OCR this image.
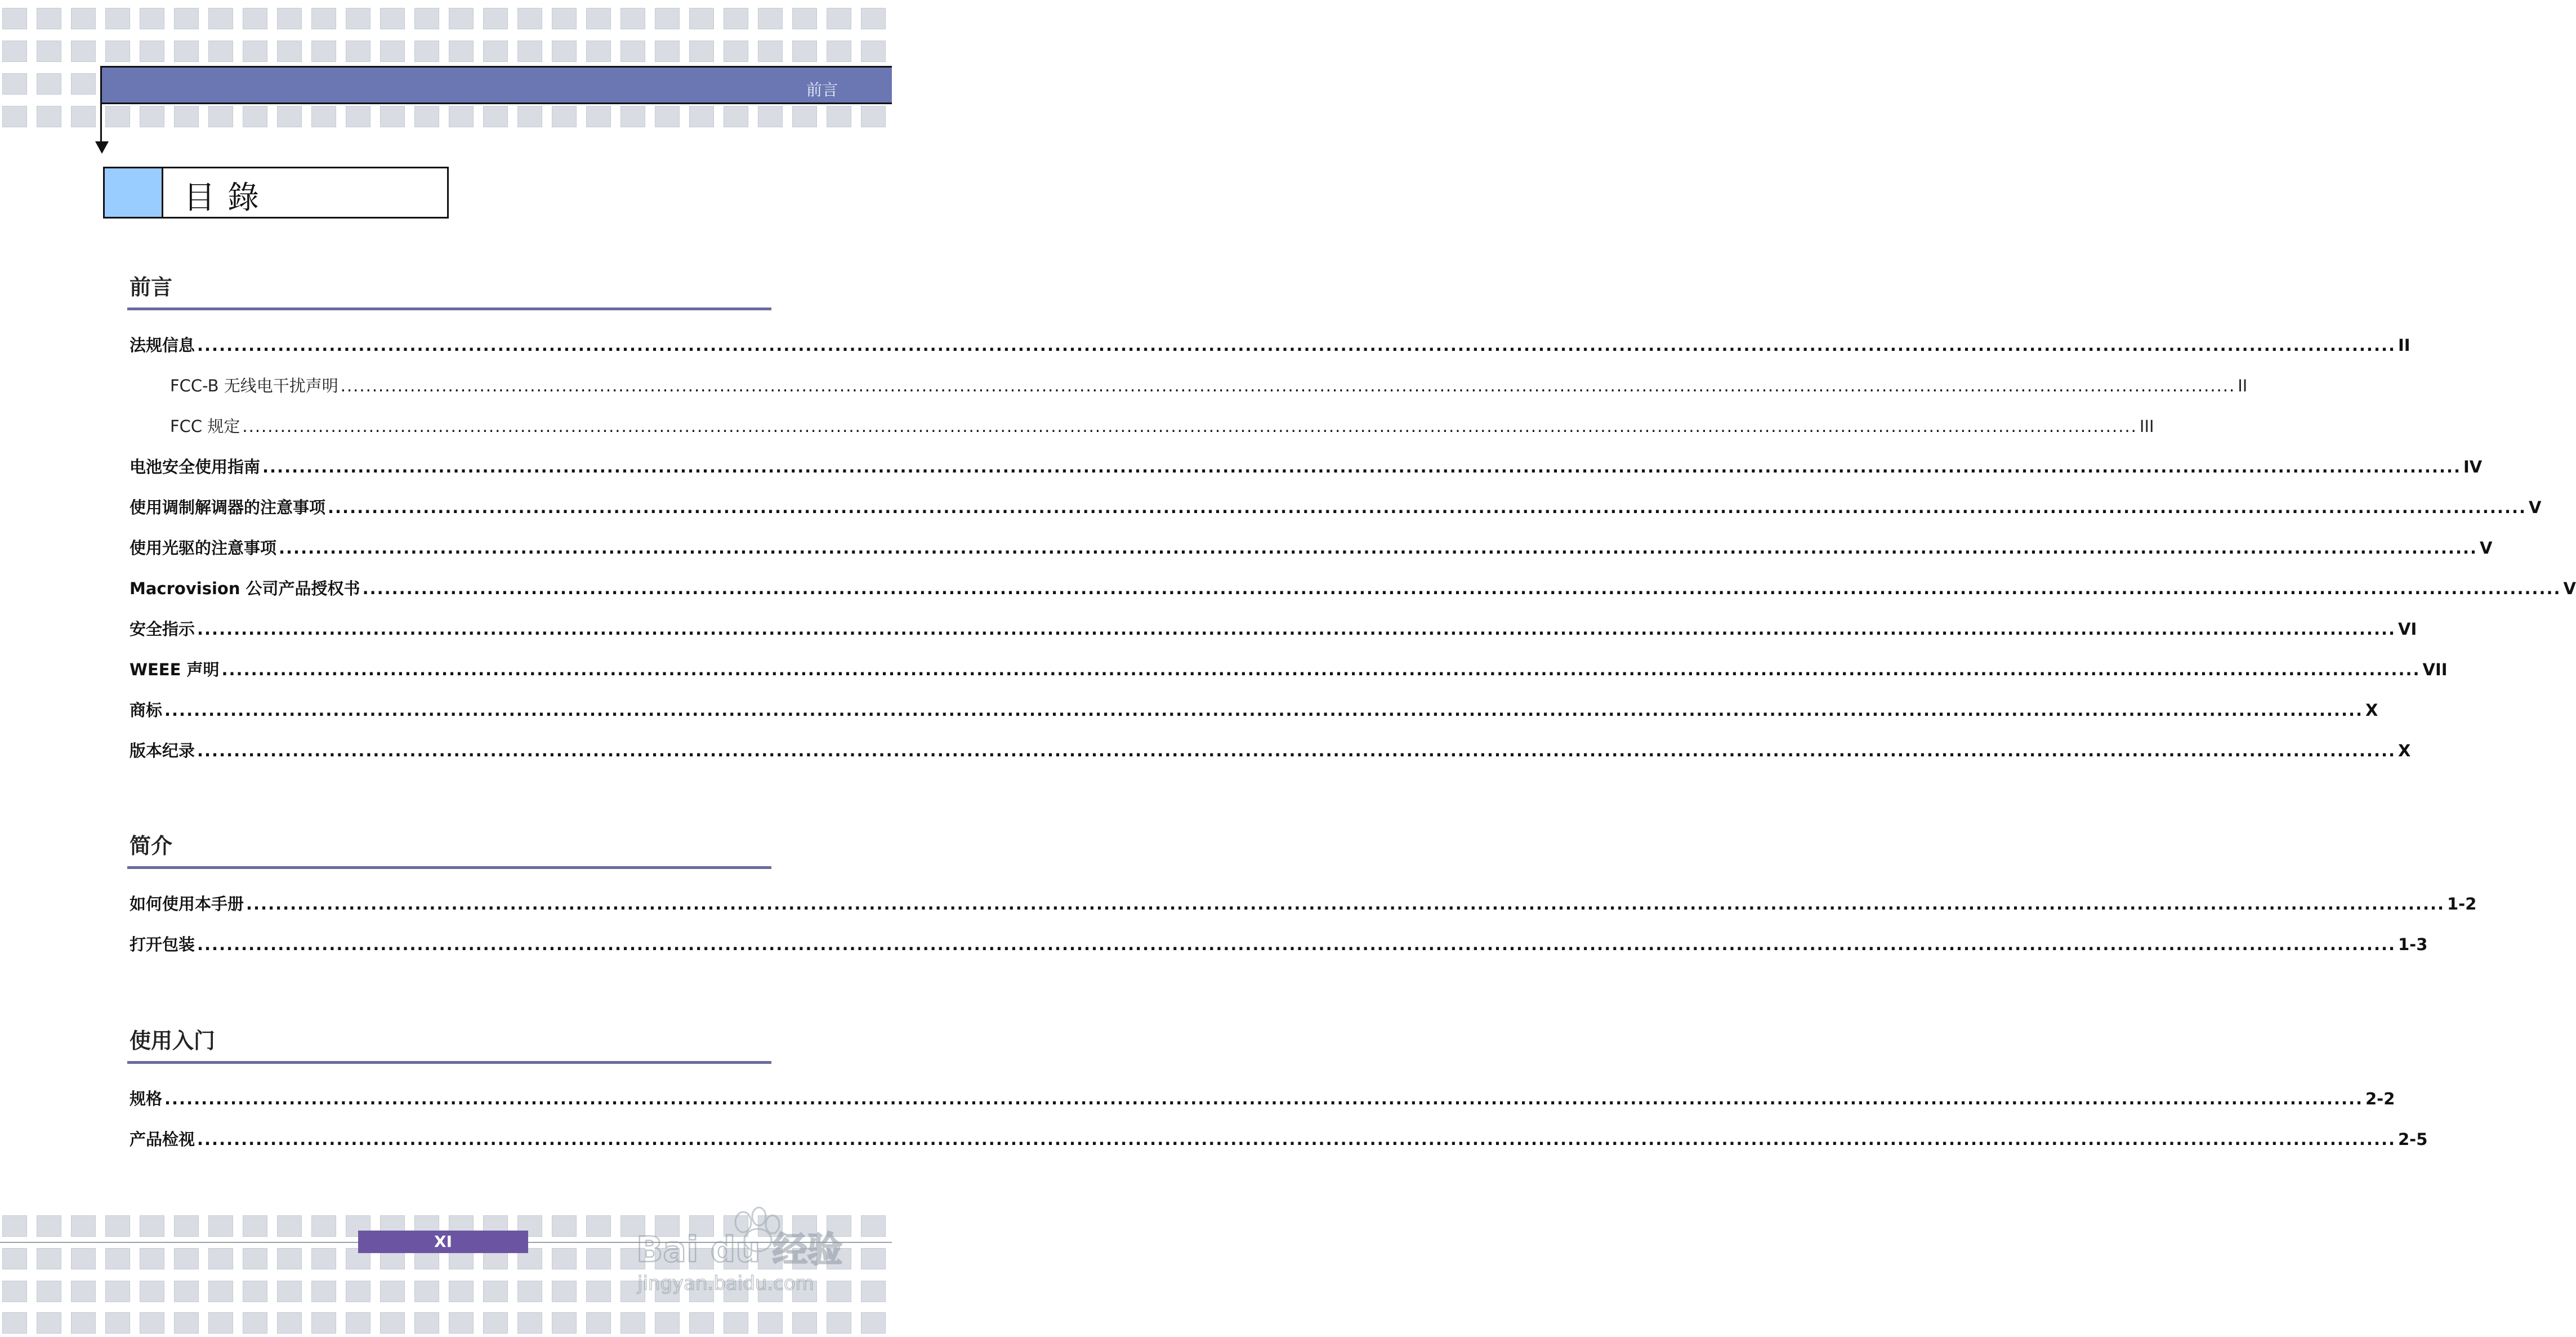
前言
目錄
前言
法规信息 ............................................................................................................................................................................................................................................................................................................ II
FCC-B 无线电干扰声明 ............................................................................................................................................................................................................................................................................................................ II
FCC 规定 ............................................................................................................................................................................................................................................................................................................ III
电池安全使用指南 ............................................................................................................................................................................................................................................................................................................ IV
使用调制解调器的注意事项 ............................................................................................................................................................................................................................................................................................................ V
使用光驱的注意事项 ............................................................................................................................................................................................................................................................................................................ V
Macrovision 公司产品授权书 ............................................................................................................................................................................................................................................................................................................ V
安全指示 ............................................................................................................................................................................................................................................................................................................ VI
WEEE 声明 ............................................................................................................................................................................................................................................................................................................ VII
商标 ............................................................................................................................................................................................................................................................................................................ X
版本纪录 ............................................................................................................................................................................................................................................................................................................ X
简介
如何使用本手册 ............................................................................................................................................................................................................................................................................................................ 1-2
打开包装 ............................................................................................................................................................................................................................................................................................................ 1-3
使用入门
规格 ............................................................................................................................................................................................................................................................................................................ 2-2
产品检视 ............................................................................................................................................................................................................................................................................................................ 2-5
XI	Bai du 经验
jingyan.baidu.com
